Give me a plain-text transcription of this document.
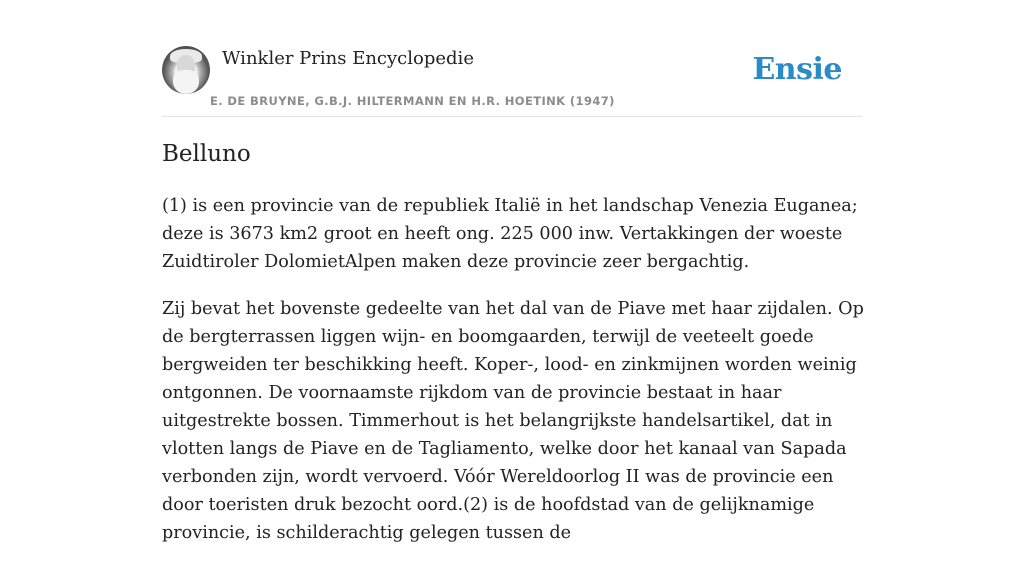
Winkler Prins Encyclopedie
E. DE BRUYNE, G.B.J. HILTERMANN EN H.R. HOETINK (1947)
Ensie
Belluno

(1) is een provincie van de republiek Italië in het landschap Venezia Euganea; deze is 3673 km2 groot en heeft ong. 225 000 inw. Vertakkingen der woeste Zuidtiroler DolomietAlpen maken deze provincie zeer bergachtig.

Zij bevat het bovenste gedeelte van het dal van de Piave met haar zijdalen. Op de bergterrassen liggen wijn- en boomgaarden, terwijl de veeteelt goede bergweiden ter beschikking heeft. Koper-, lood- en zinkmijnen worden weinig ontgonnen. De voornaamste rijkdom van de provincie bestaat in haar uitgestrekte bossen. Timmerhout is het belangrijkste handelsartikel, dat in vlotten langs de Piave en de Tagliamento, welke door het kanaal van Sapada verbonden zijn, wordt vervoerd. Vóór Wereldoorlog II was de provincie een door toeristen druk bezocht oord.(2) is de hoofdstad van de gelijknamige provincie, is schilderachtig gelegen tussen de
